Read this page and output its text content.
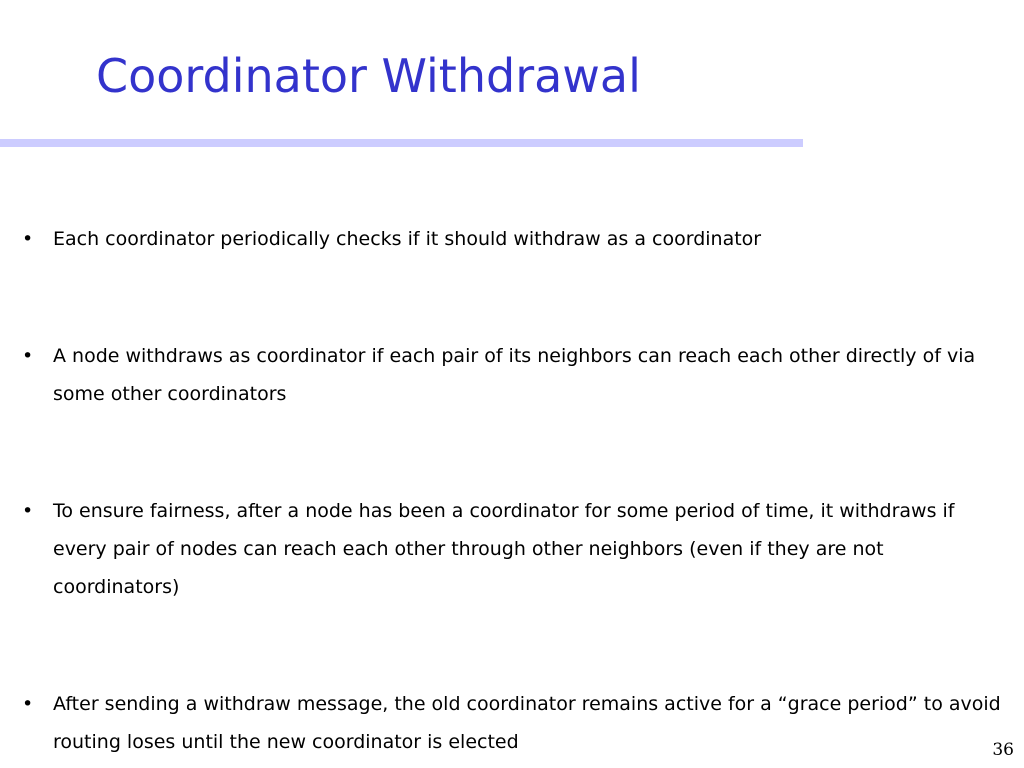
Coordinator Withdrawal
• Each coordinator periodically checks if it should withdraw as a coordinator
• A node withdraws as coordinator if each pair of its neighbors can reach each other directly of via some other coordinators
• To ensure fairness, after a node has been a coordinator for some period of time, it withdraws if every pair of nodes can reach each other through other neighbors (even if they are not coordinators)
• After sending a withdraw message, the old coordinator remains active for a “grace period” to avoid routing loses until the new coordinator is elected	36
